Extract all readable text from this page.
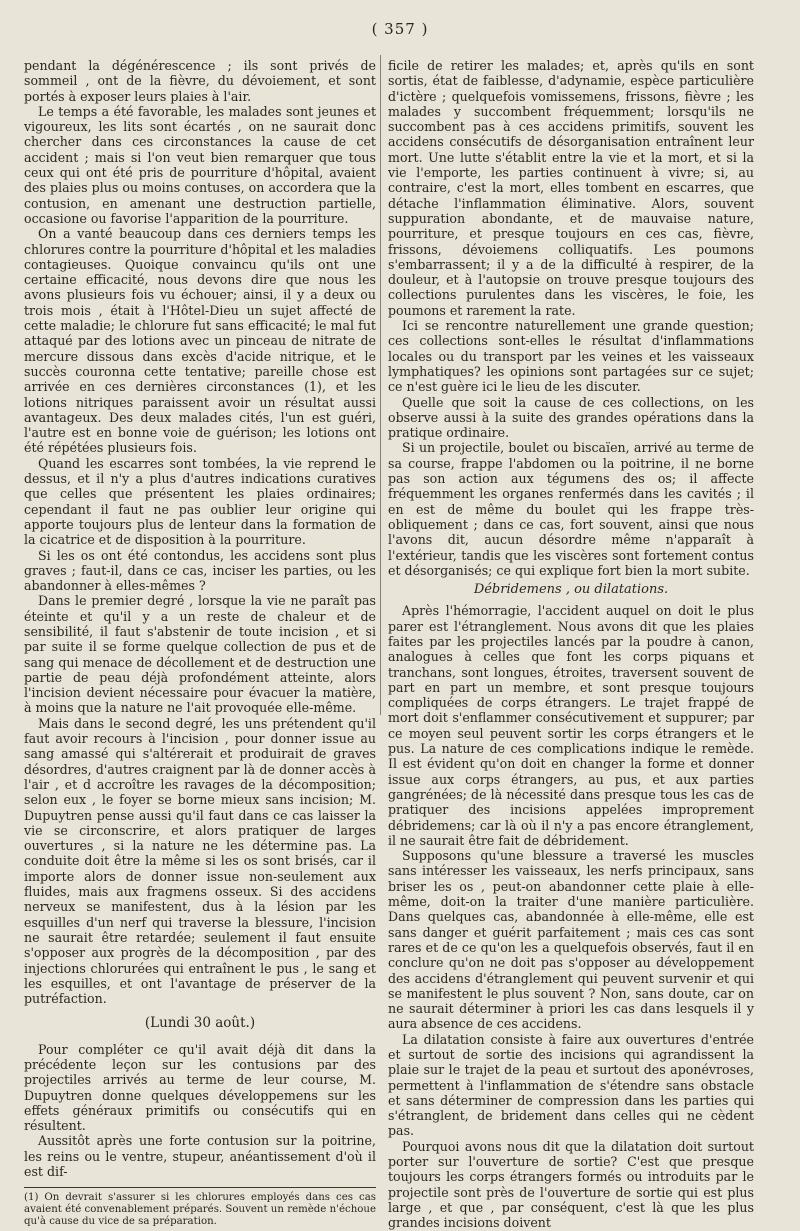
( 357 )

pendant la dégénérescence ; ils sont privés de sommeil , ont de la fièvre, du dévoiement, et sont portés à exposer leurs plaies à l'air.

Le temps a été favorable, les malades sont jeunes et vigoureux, les lits sont écartés , on ne saurait donc chercher dans ces circonstances la cause de cet accident ; mais si l'on veut bien remarquer que tous ceux qui ont été pris de pourriture d'hôpital, avaient des plaies plus ou moins contuses, on accordera que la contusion, en amenant une destruction partielle, occasione ou favorise l'apparition de la pourriture.

On a vanté beaucoup dans ces derniers temps les chlorures contre la pourriture d'hôpital et les maladies contagieuses. Quoique convaincu qu'ils ont une certaine efficacité, nous devons dire que nous les avons plusieurs fois vu échouer; ainsi, il y a deux ou trois mois , était à l'Hôtel-Dieu un sujet affecté de cette maladie; le chlorure fut sans efficacité; le mal fut attaqué par des lotions avec un pinceau de nitrate de mercure dissous dans excès d'acide nitrique, et le succès couronna cette tentative; pareille chose est arrivée en ces dernières circonstances (1), et les lotions nitriques paraissent avoir un résultat aussi avantageux. Des deux malades cités, l'un est guéri, l'autre est en bonne voie de guérison; les lotions ont été répétées plusieurs fois.

Quand les escarres sont tombées, la vie reprend le dessus, et il n'y a plus d'autres indications curatives que celles que présentent les plaies ordinaires; cependant il faut ne pas oublier leur origine qui apporte toujours plus de lenteur dans la formation de la cicatrice et de disposition à la pourriture.

Si les os ont été contondus, les accidens sont plus graves ; faut-il, dans ce cas, inciser les parties, ou les abandonner à elles-mêmes ?

Dans le premier degré , lorsque la vie ne paraît pas éteinte et qu'il y a un reste de chaleur et de sensibilité, il faut s'abstenir de toute incision , et si par suite il se forme quelque collection de pus et de sang qui menace de décollement et de destruction une partie de peau déjà profondément atteinte, alors l'incision devient nécessaire pour évacuer la matière, à moins que la nature ne l'ait provoquée elle-même.

Mais dans le second degré, les uns prétendent qu'il faut avoir recours à l'incision , pour donner issue au sang amassé qui s'altérerait et produirait de graves désordres, d'autres craignent par là de donner accès à l'air , et d accroître les ravages de la décomposition; selon eux , le foyer se borne mieux sans incision; M. Dupuytren pense aussi qu'il faut dans ce cas laisser la vie se circonscrire, et alors pratiquer de larges ouvertures , si la nature ne les détermine pas. La conduite doit être la même si les os sont brisés, car il importe alors de donner issue non-seulement aux fluides, mais aux fragmens osseux. Si des accidens nerveux se manifestent, dus à la lésion par les esquilles d'un nerf qui traverse la blessure, l'incision ne saurait être retardée; seulement il faut ensuite s'opposer aux progrès de la décomposition , par des injections chlorurées qui entraînent le pus , le sang et les esquilles, et ont l'avantage de préserver de la putréfaction.

(Lundi 30 août.)

Pour compléter ce qu'il avait déjà dit dans la précédente leçon sur les contusions par des projectiles arrivés au terme de leur course, M. Dupuytren donne quelques développemens sur les effets généraux primitifs ou consécutifs qui en résultent.

Aussitôt après une forte contusion sur la poitrine, les reins ou le ventre, stupeur, anéantissement d'où il est dif-

(1) On devrait s'assurer si les chlorures employés dans ces cas avaient été convenablement préparés. Souvent un remède n'échoue qu'à cause du vice de sa préparation.

ficile de retirer les malades; et, après qu'ils en sont sortis, état de faiblesse, d'adynamie, espèce particulière d'ictère ; quelquefois vomissemens, frissons, fièvre ; les malades y succombent fréquemment; lorsqu'ils ne succombent pas à ces accidens primitifs, souvent les accidens consécutifs de désorganisation entraînent leur mort. Une lutte s'établit entre la vie et la mort, et si la vie l'emporte, les parties continuent à vivre; si, au contraire, c'est la mort, elles tombent en escarres, que détache l'inflammation éliminative. Alors, souvent suppuration abondante, et de mauvaise nature, pourriture, et presque toujours en ces cas, fièvre, frissons, dévoiemens colliquatifs. Les poumons s'embarrassent; il y a de la difficulté à respirer, de la douleur, et à l'autopsie on trouve presque toujours des collections purulentes dans les viscères, le foie, les poumons et rarement la rate.

Ici se rencontre naturellement une grande question; ces collections sont-elles le résultat d'inflammations locales ou du transport par les veines et les vaisseaux lymphatiques? les opinions sont partagées sur ce sujet; ce n'est guère ici le lieu de les discuter.

Quelle que soit la cause de ces collections, on les observe aussi à la suite des grandes opérations dans la pratique ordinaire.

Si un projectile, boulet ou biscaïen, arrivé au terme de sa course, frappe l'abdomen ou la poitrine, il ne borne pas son action aux tégumens des os; il affecte fréquemment les organes renfermés dans les cavités ; il en est de même du boulet qui les frappe très-obliquement ; dans ce cas, fort souvent, ainsi que nous l'avons dit, aucun désordre même n'apparaît à l'extérieur, tandis que les viscères sont fortement contus et désorganisés; ce qui explique fort bien la mort subite.

Débridemens , ou dilatations.

Après l'hémorragie, l'accident auquel on doit le plus parer est l'étranglement. Nous avons dit que les plaies faites par les projectiles lancés par la poudre à canon, analogues à celles que font les corps piquans et tranchans, sont longues, étroites, traversent souvent de part en part un membre, et sont presque toujours compliquées de corps étrangers. Le trajet frappé de mort doit s'enflammer consécutivement et suppurer; par ce moyen seul peuvent sortir les corps étrangers et le pus. La nature de ces complications indique le remède. Il est évident qu'on doit en changer la forme et donner issue aux corps étrangers, au pus, et aux parties gangrénées; de là nécessité dans presque tous les cas de pratiquer des incisions appelées improprement débridemens; car là où il n'y a pas encore étranglement, il ne saurait être fait de débridement.

Supposons qu'une blessure a traversé les muscles sans intéresser les vaisseaux, les nerfs principaux, sans briser les os , peut-on abandonner cette plaie à elle-même, doit-on la traiter d'une manière particulière. Dans quelques cas, abandonnée à elle-même, elle est sans danger et guérit parfaitement ; mais ces cas sont rares et de ce qu'on les a quelquefois observés, faut il en conclure qu'on ne doit pas s'opposer au développement des accidens d'étranglement qui peuvent survenir et qui se manifestent le plus souvent ? Non, sans doute, car on ne saurait déterminer à priori les cas dans lesquels il y aura absence de ces accidens.

La dilatation consiste à faire aux ouvertures d'entrée et surtout de sortie des incisions qui agrandissent la plaie sur le trajet de la peau et surtout des aponévroses, permettent à l'inflammation de s'étendre sans obstacle et sans déterminer de compression dans les parties qui s'étranglent, de bridement dans celles qui ne cèdent pas.

Pourquoi avons nous dit que la dilatation doit surtout porter sur l'ouverture de sortie? C'est que presque toujours les corps étrangers formés ou introduits par le projectile sont près de l'ouverture de sortie qui est plus large , et que , par conséquent, c'est là que les plus grandes incisions doivent
